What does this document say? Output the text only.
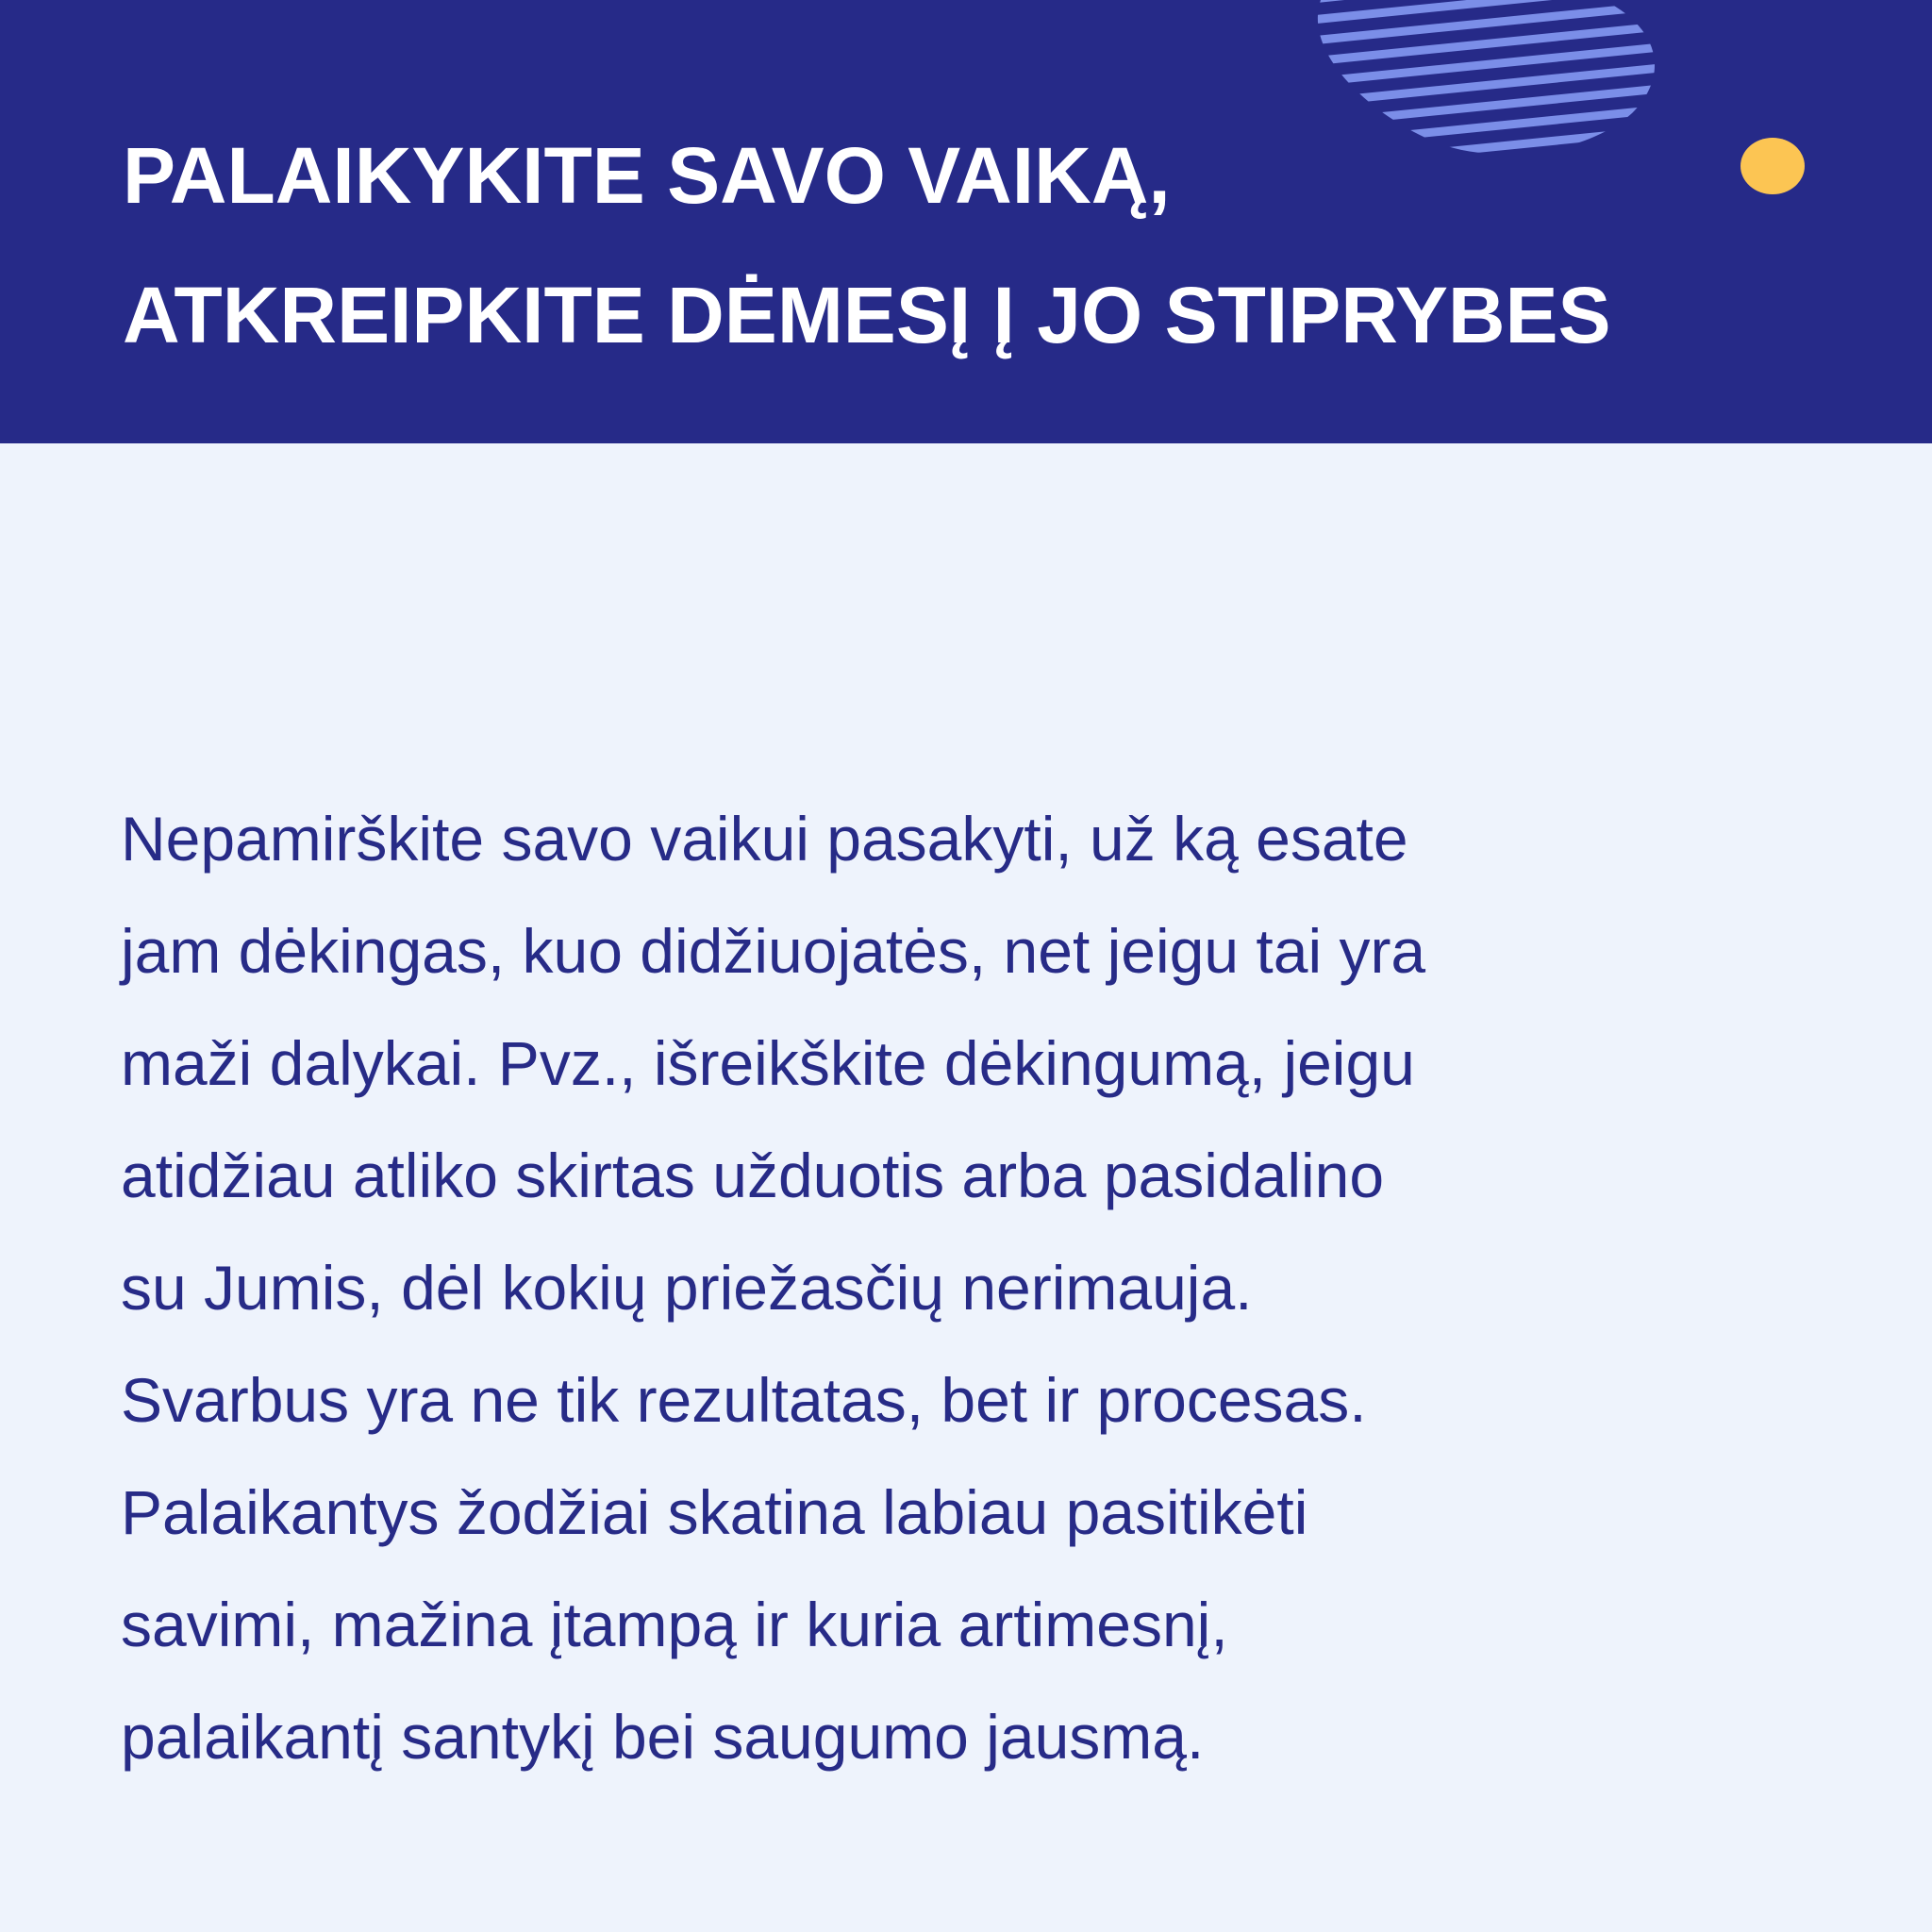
PALAIKYKITE SAVO VAIKĄ,
ATKREIPKITE DĖMESĮ Į JO STIPRYBES

Nepamirškite savo vaikui pasakyti, už ką esate
jam dėkingas, kuo didžiuojatės, net jeigu tai yra
maži dalykai. Pvz., išreikškite dėkingumą, jeigu
atidžiau atliko skirtas užduotis arba pasidalino
su Jumis, dėl kokių priežasčių nerimauja.
Svarbus yra ne tik rezultatas, bet ir procesas.
Palaikantys žodžiai skatina labiau pasitikėti
savimi, mažina įtampą ir kuria artimesnį,
palaikantį santykį bei saugumo jausmą.
